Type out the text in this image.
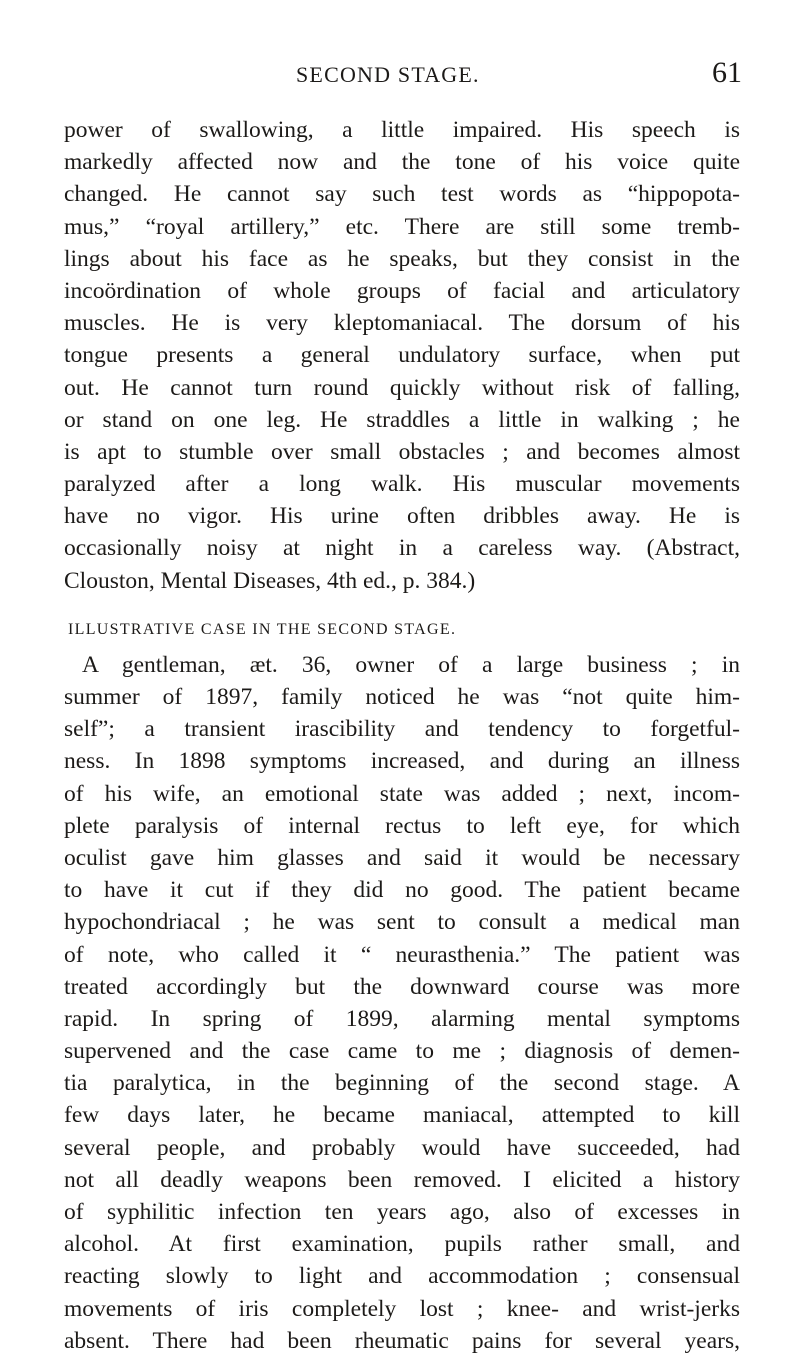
SECOND STAGE.	61
power of swallowing, a little impaired. His speech is
markedly affected now and the tone of his voice quite
changed. He cannot say such test words as “hippopota-
mus,” “royal artillery,” etc. There are still some tremb-
lings about his face as he speaks, but they consist in the
incoördination of whole groups of facial and articulatory
muscles. He is very kleptomaniacal. The dorsum of his
tongue presents a general undulatory surface, when put
out. He cannot turn round quickly without risk of falling,
or stand on one leg. He straddles a little in walking ; he
is apt to stumble over small obstacles ; and becomes almost
paralyzed after a long walk. His muscular movements
have no vigor. His urine often dribbles away. He is
occasionally noisy at night in a careless way. (Abstract,
Clouston, Mental Diseases, 4th ed., p. 384.)
ILLUSTRATIVE CASE IN THE SECOND STAGE.
A gentleman, æt. 36, owner of a large business ; in
summer of 1897, family noticed he was “not quite him-
self”; a transient irascibility and tendency to forgetful-
ness. In 1898 symptoms increased, and during an illness
of his wife, an emotional state was added ; next, incom-
plete paralysis of internal rectus to left eye, for which
oculist gave him glasses and said it would be necessary
to have it cut if they did no good. The patient became
hypochondriacal ; he was sent to consult a medical man
of note, who called it “ neurasthenia.” The patient was
treated accordingly but the downward course was more
rapid. In spring of 1899, alarming mental symptoms
supervened and the case came to me ; diagnosis of demen-
tia paralytica, in the beginning of the second stage. A
few days later, he became maniacal, attempted to kill
several people, and probably would have succeeded, had
not all deadly weapons been removed. I elicited a history
of syphilitic infection ten years ago, also of excesses in
alcohol. At first examination, pupils rather small, and
reacting slowly to light and accommodation ; consensual
movements of iris completely lost ; knee- and wrist-jerks
absent. There had been rheumatic pains for several years,
